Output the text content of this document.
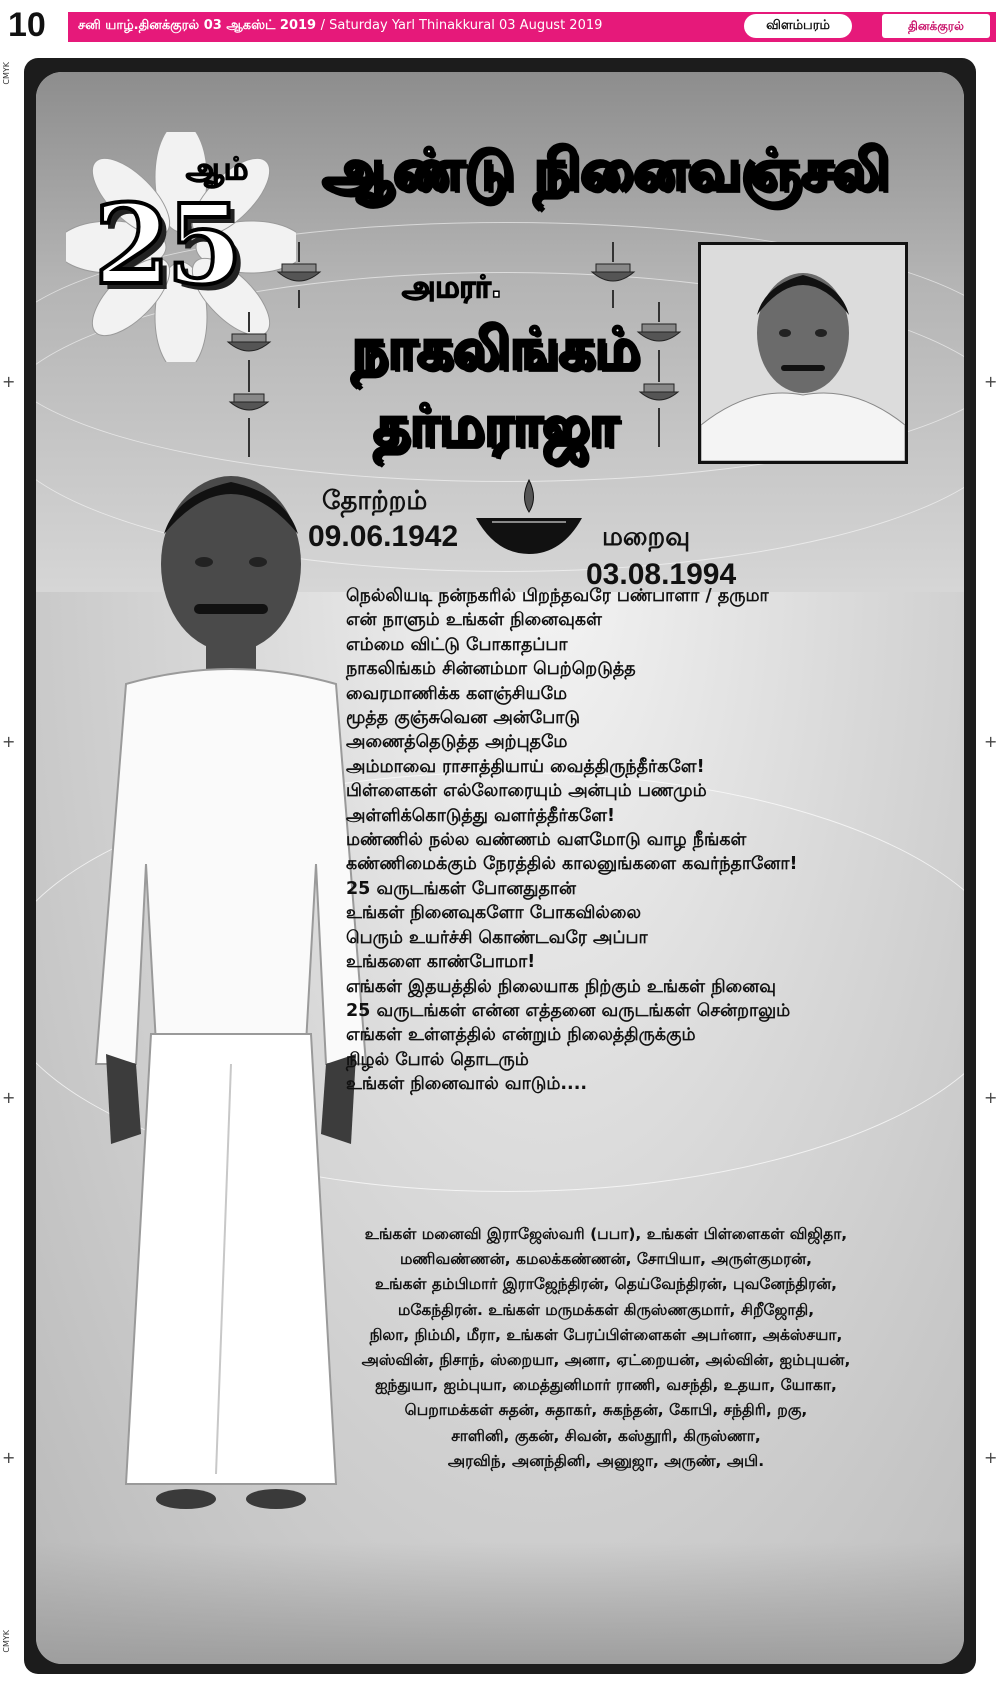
10 சனி யாழ்.தினக்குரல் 03 ஆகஸ்ட் 2019 / Saturday Yarl Thinakkural 03 August 2019	விளம்பரம்	தினக்குரல்
CMYK
CMYK
+
+
+
+
+
+
+
+
ஆம்
25
ஆண்டு நினைவஞ்சலி
அமரர்.
நாகலிங்கம்
தர்மராஜா
தோற்றம்
09.06.1942	மறைவு
03.08.1994
நெல்லியடி நன்நகரில் பிறந்தவரே பண்பாளா / தருமா
என் நாளும் உங்கள் நினைவுகள்
எம்மை விட்டு போகாதப்பா
நாகலிங்கம் சின்னம்மா பெற்றெடுத்த
வைரமாணிக்க களஞ்சியமே
மூத்த குஞ்சுவென அன்போடு
அணைத்தெடுத்த அற்புதமே
அம்மாவை ராசாத்தியாய் வைத்திருந்தீர்களே!
பிள்ளைகள் எல்லோரையும் அன்பும் பணமும்
அள்ளிக்கொடுத்து வளர்த்தீர்களே!
மண்ணில் நல்ல வண்ணம் வளமோடு வாழ நீங்கள்
கண்ணிமைக்கும் நேரத்தில் காலனுங்களை கவர்ந்தானோ!
25 வருடங்கள் போனதுதான்
உங்கள் நினைவுகளோ போகவில்லை
பெரும் உயர்ச்சி கொண்டவரே அப்பா
உங்களை காண்போமா!
எங்கள் இதயத்தில் நிலையாக நிற்கும் உங்கள் நினைவு
25 வருடங்கள் என்ன எத்தனை வருடங்கள் சென்றாலும்
எங்கள் உள்ளத்தில் என்றும் நிலைத்திருக்கும்
நிழல் போல் தொடரும்
உங்கள் நினைவால் வாடும்....
உங்கள் மனைவி இராஜேஸ்வரி (பபா), உங்கள் பிள்ளைகள் விஜிதா,
மணிவண்ணன், கமலக்கண்ணன், சோபியா, அருள்குமரன்,
உங்கள் தம்பிமார் இராஜேந்திரன், தெய்வேந்திரன், புவனேந்திரன்,
மகேந்திரன். உங்கள் மருமக்கள் கிருஸ்ணகுமார், சிறீஜோதி,
நிலா, நிம்மி, மீரா, உங்கள் பேரப்பிள்ளைகள் அபர்னா, அக்ஸ்சயா,
அஸ்வின், நிசாந், ஸ்றையா, அனா, ஏட்றையன், அல்வின், ஐம்புயன்,
ஐந்துயா, ஐம்புயா, மைத்துனிமார் ராணி, வசந்தி, உதயா, யோகா,
பெறாமக்கள் சுதன், சுதாகர், சுகந்தன், கோபி, சந்திரி, றகு,
சாளினி, குகன், சிவன், கஸ்தூரி, கிருஸ்ணா,
அரவிந், அனந்தினி, அனுஜா, அருண், அபி.
